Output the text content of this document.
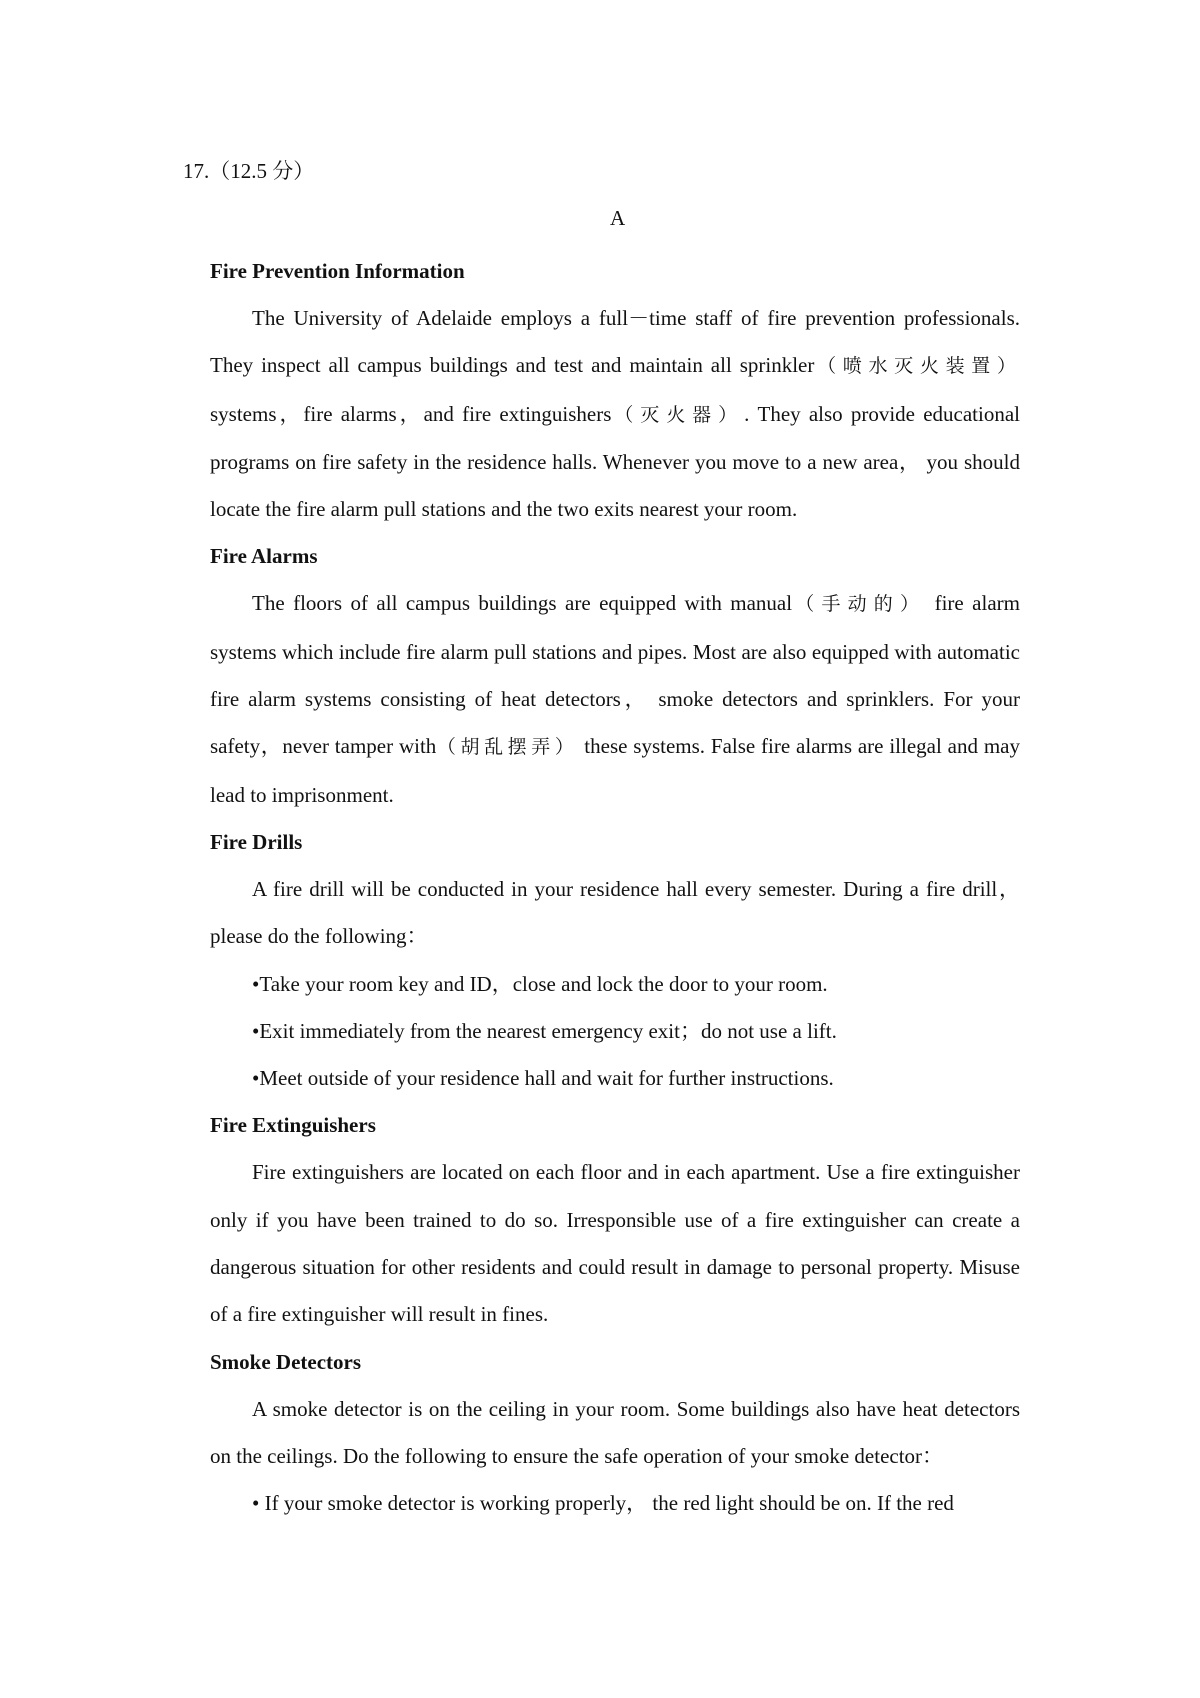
17.（12.5 分）
A

Fire Prevention Information

The University of Adelaide employs a full－time staff of fire prevention professionals. They inspect all campus buildings and test and maintain all sprinkler（喷水灭火装置） systems，fire alarms，and fire extinguishers（灭火器）. They also provide educational programs on fire safety in the residence halls. Whenever you move to a new area， you should locate the fire alarm pull stations and the two exits nearest your room.

Fire Alarms

The floors of all campus buildings are equipped with manual（手动的） fire alarm systems which include fire alarm pull stations and pipes. Most are also equipped with automatic fire alarm systems consisting of heat detectors， smoke detectors and sprinklers. For your safety，never tamper with（胡乱摆弄） these systems. False fire alarms are illegal and may lead to imprisonment.

Fire Drills

A fire drill will be conducted in your residence hall every semester. During a fire drill，please do the following：

•Take your room key and ID，close and lock the door to your room.

•Exit immediately from the nearest emergency exit；do not use a lift.

•Meet outside of your residence hall and wait for further instructions.

Fire Extinguishers

Fire extinguishers are located on each floor and in each apartment. Use a fire extinguisher only if you have been trained to do so. Irresponsible use of a fire extinguisher can create a dangerous situation for other residents and could result in damage to personal property. Misuse of a fire extinguisher will result in fines.

Smoke Detectors

A smoke detector is on the ceiling in your room. Some buildings also have heat detectors on the ceilings. Do the following to ensure the safe operation of your smoke detector：

• If your smoke detector is working properly， the red light should be on. If the red
